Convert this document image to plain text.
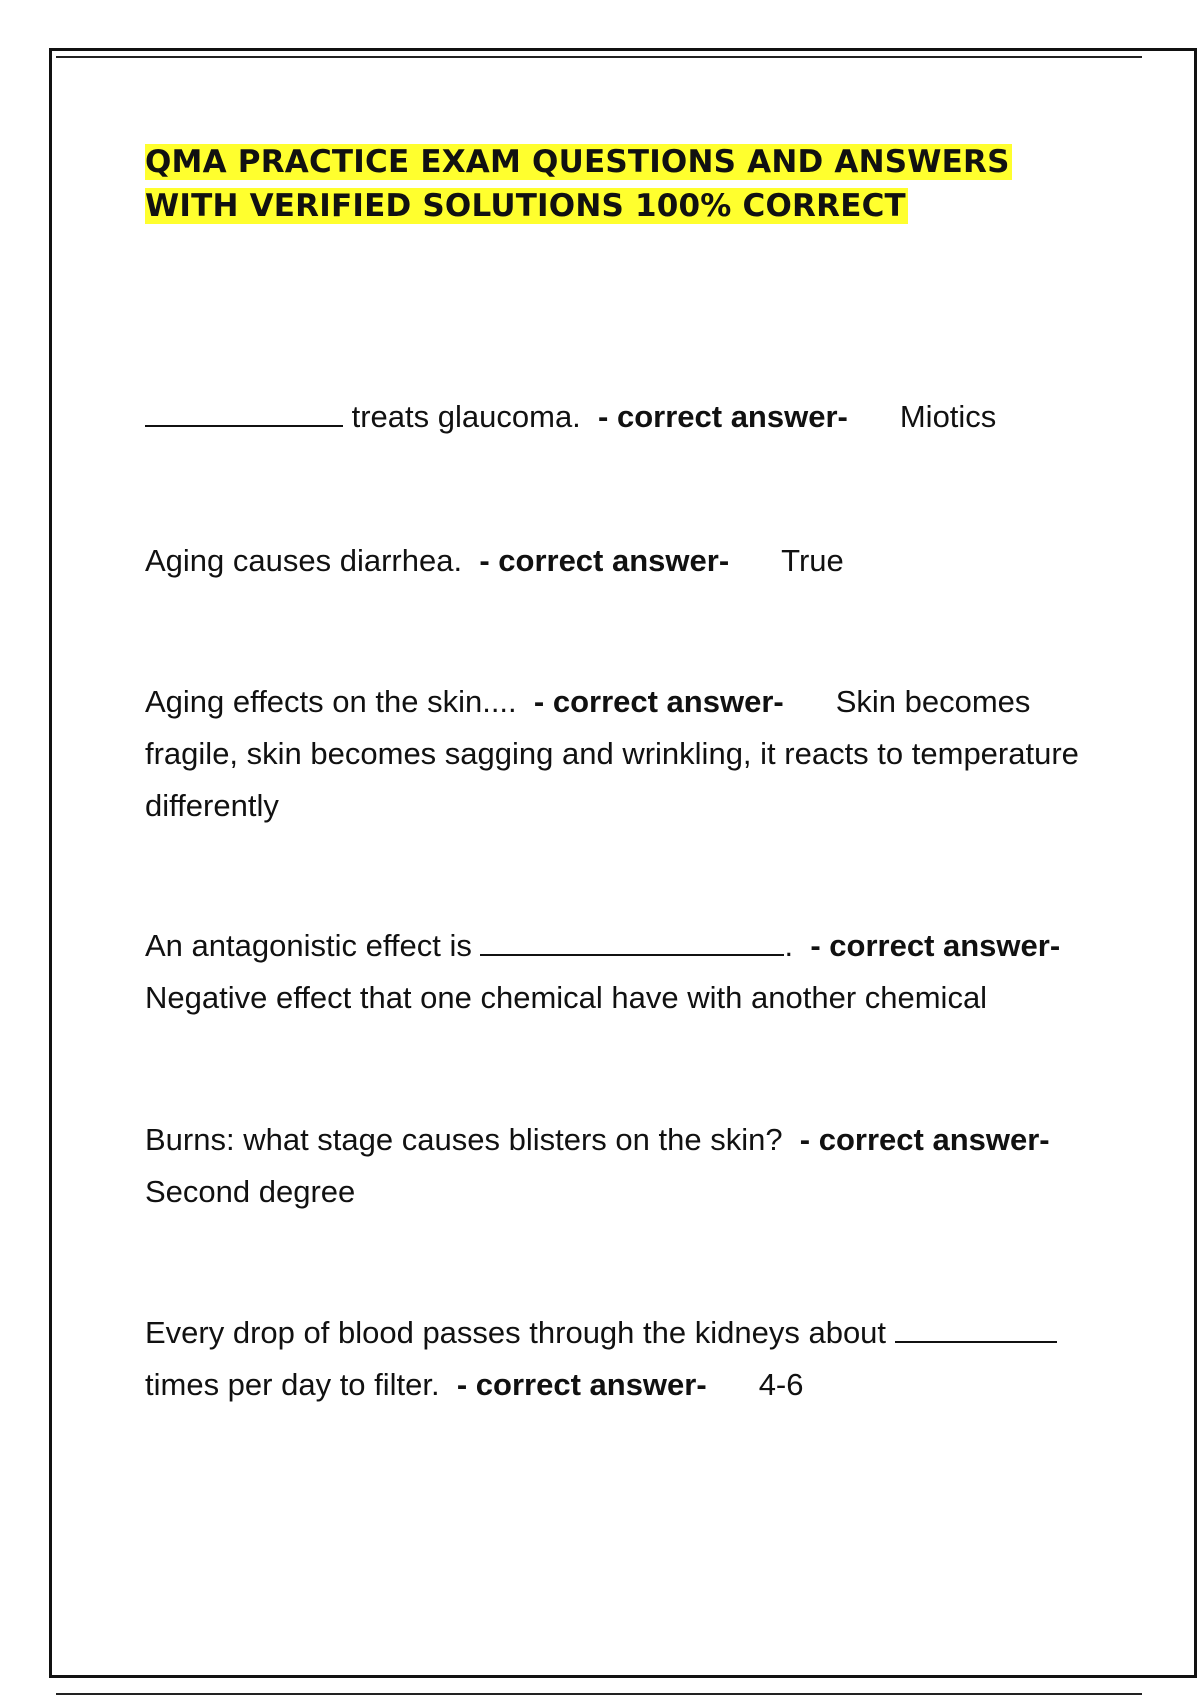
QMA PRACTICE EXAM QUESTIONS AND ANSWERS
WITH VERIFIED SOLUTIONS 100% CORRECT

treats glaucoma. - correct answer- Miotics

Aging causes diarrhea. - correct answer- True

Aging effects on the skin.... - correct answer- Skin becomes fragile, skin becomes sagging and wrinkling, it reacts to temperature differently

An antagonistic effect is	. - correct answer- Negative effect that one chemical have with another chemical

Burns: what stage causes blisters on the skin? - correct answer- Second degree

Every drop of blood passes through the kidneys about  times per day to filter. - correct answer- 4-6
